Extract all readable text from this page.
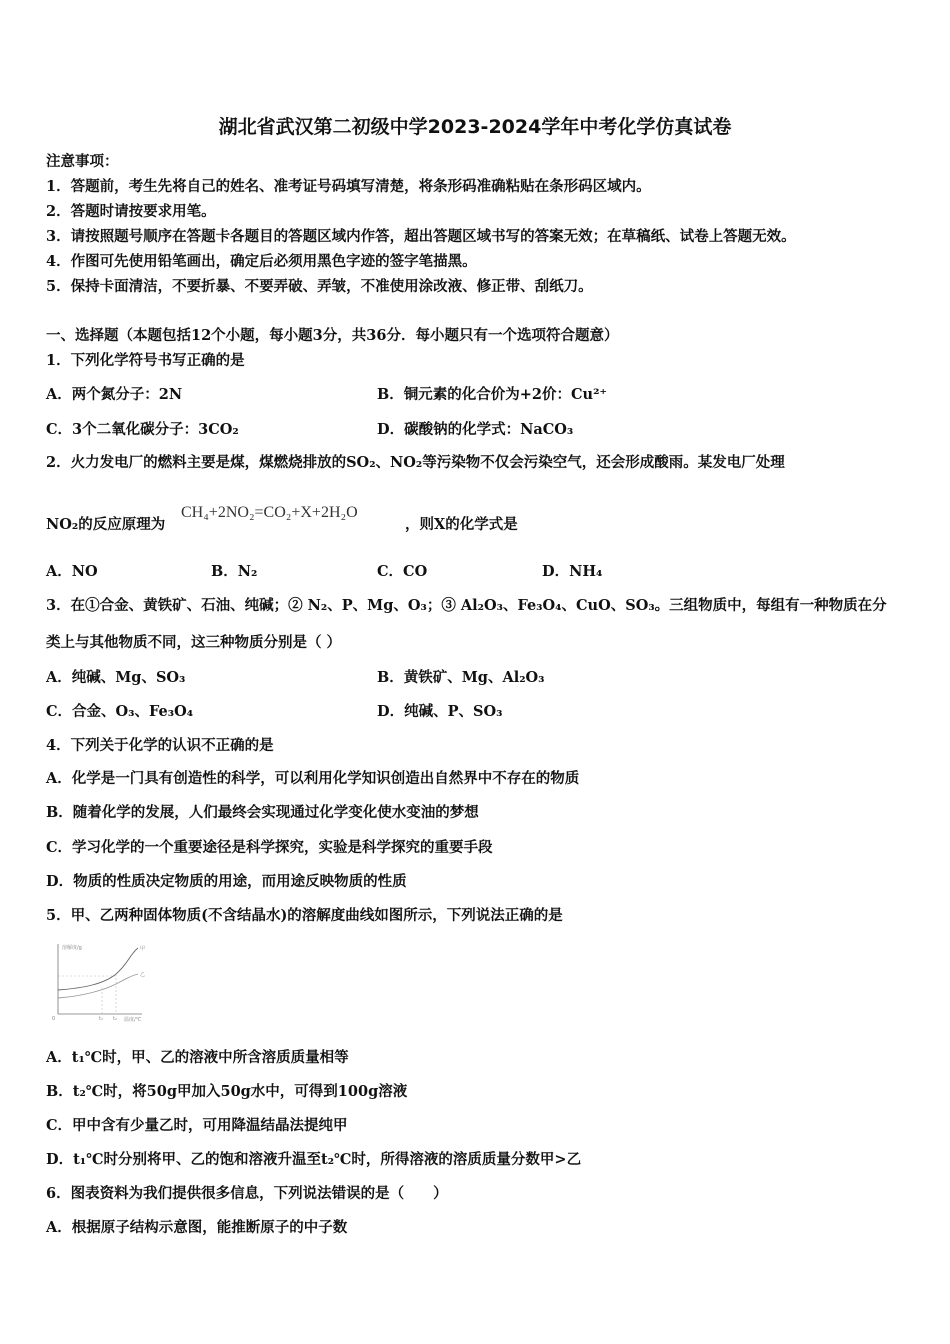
湖北省武汉第二初级中学2023-2024学年中考化学仿真试卷
注意事项：
1．答题前，考生先将自己的姓名、准考证号码填写清楚，将条形码准确粘贴在条形码区域内。
2．答题时请按要求用笔。
3．请按照题号顺序在答题卡各题目的答题区域内作答，超出答题区域书写的答案无效；在草稿纸、试卷上答题无效。
4．作图可先使用铅笔画出，确定后必须用黑色字迹的签字笔描黑。
5．保持卡面清洁，不要折暴、不要弄破、弄皱，不准使用涂改液、修正带、刮纸刀。
一、选择题（本题包括12个小题，每小题3分，共36分．每小题只有一个选项符合题意）
1．下列化学符号书写正确的是
A．两个氮分子：2N	B．铜元素的化合价为+2价：Cu²⁺
C．3个二氧化碳分子：3CO₂	D．碳酸钠的化学式：NaCO₃
2．火力发电厂的燃料主要是煤，煤燃烧排放的SO₂、NO₂等污染物不仅会污染空气，还会形成酸雨。某发电厂处理
NO₂的反应原理为
CH₄+2NO₂=CO₂+X+2H₂O
，则X的化学式是
A．NO	B．N₂	C．CO	D．NH₄
3．在①合金、黄铁矿、石油、纯碱；② N₂、P、Mg、O₃；③ Al₂O₃、Fe₃O₄、CuO、SO₃。三组物质中，每组有一种物质在分
类上与其他物质不同，这三种物质分别是（ ）
A．纯碱、Mg、SO₃	B．黄铁矿、Mg、Al₂O₃
C．合金、O₃、Fe₃O₄	D．纯碱、P、SO₃
4．下列关于化学的认识不正确的是
A．化学是一门具有创造性的科学，可以利用化学知识创造出自然界中不存在的物质
B．随着化学的发展，人们最终会实现通过化学变化使水变油的梦想
C．学习化学的一个重要途径是科学探究，实验是科学探究的重要手段
D．物质的性质决定物质的用途，而用途反映物质的性质
5．甲、乙两种固体物质(不含结晶水)的溶解度曲线如图所示，下列说法正确的是
溶解度/g
温度/℃
0
甲
乙
t₁ t₂
A．t₁℃时，甲、乙的溶液中所含溶质质量相等
B．t₂℃时，将50g甲加入50g水中，可得到100g溶液
C．甲中含有少量乙时，可用降温结晶法提纯甲
D．t₁℃时分别将甲、乙的饱和溶液升温至t₂℃时，所得溶液的溶质质量分数甲>乙
6．图表资料为我们提供很多信息，下列说法错误的是（　　）
A．根据原子结构示意图，能推断原子的中子数
